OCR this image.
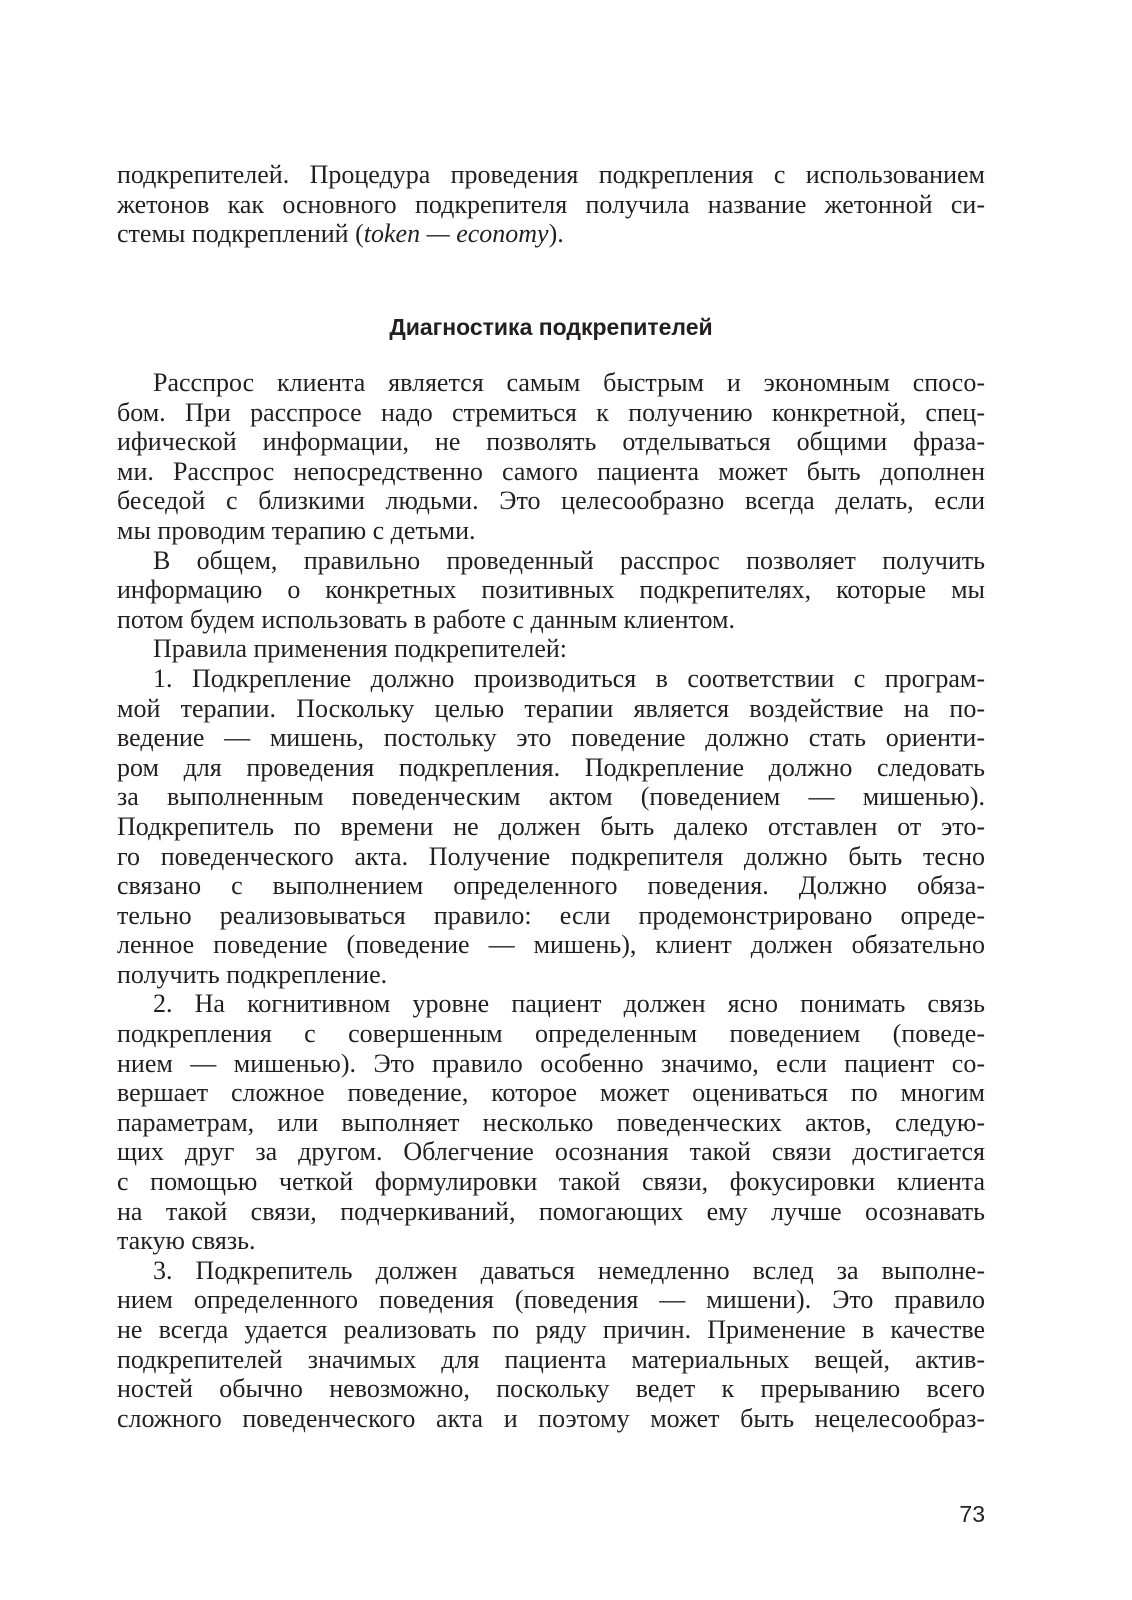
подкрепителей. Процедура проведения подкрепления с использованием
жетонов как основного подкрепителя получила название жетонной си-
стемы подкреплений (token — economy).
Диагностика подкрепителей
Расспрос клиента является самым быстрым и экономным спосо-
бом. При расспросе надо стремиться к получению конкретной, спец-
ифической информации, не позволять отделываться общими фраза-
ми. Расспрос непосредственно самого пациента может быть дополнен
беседой с близкими людьми. Это целесообразно всегда делать, если
мы проводим терапию с детьми.
В общем, правильно проведенный расспрос позволяет получить
информацию о конкретных позитивных подкрепителях, которые мы
потом будем использовать в работе с данным клиентом.
Правила применения подкрепителей:
1. Подкрепление должно производиться в соответствии с програм-
мой терапии. Поскольку целью терапии является воздействие на по-
ведение — мишень, постольку это поведение должно стать ориенти-
ром для проведения подкрепления. Подкрепление должно следовать
за выполненным поведенческим актом (поведением — мишенью).
Подкрепитель по времени не должен быть далеко отставлен от это-
го поведенческого акта. Получение подкрепителя должно быть тесно
связано с выполнением определенного поведения. Должно обяза-
тельно реализовываться правило: если продемонстрировано опреде-
ленное поведение (поведение — мишень), клиент должен обязательно
получить подкрепление.
2. На когнитивном уровне пациент должен ясно понимать связь
подкрепления с совершенным определенным поведением (поведе-
нием — мишенью). Это правило особенно значимо, если пациент со-
вершает сложное поведение, которое может оцениваться по многим
параметрам, или выполняет несколько поведенческих актов, следую-
щих друг за другом. Облегчение осознания такой связи достигается
с помощью четкой формулировки такой связи, фокусировки клиента
на такой связи, подчеркиваний, помогающих ему лучше осознавать
такую связь.
3. Подкрепитель должен даваться немедленно вслед за выполне-
нием определенного поведения (поведения — мишени). Это правило
не всегда удается реализовать по ряду причин. Применение в качестве
подкрепителей значимых для пациента материальных вещей, актив-
ностей обычно невозможно, поскольку ведет к прерыванию всего
сложного поведенческого акта и поэтому может быть нецелесообраз-
73
